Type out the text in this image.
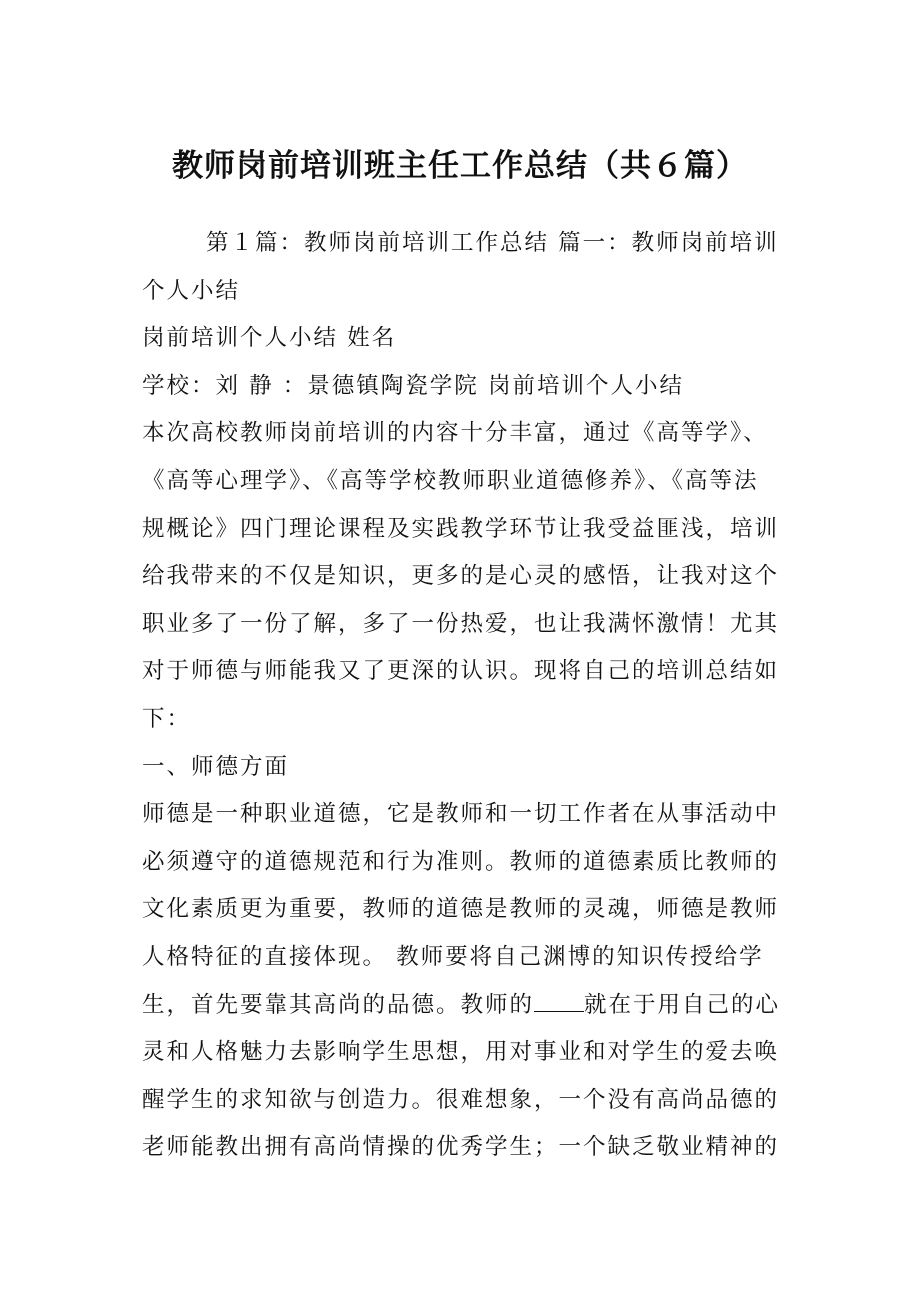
教师岗前培训班主任工作总结（共６篇）

第１篇：教师岗前培训工作总结 篇一：教师岗前培训个人小结

岗前培训个人小结 姓名

学校：刘 静 ：景德镇陶瓷学院 岗前培训个人小结

本次高校教师岗前培训的内容十分丰富，通过《高等学》、《高等心理学》、《高等学校教师职业道德修养》、《高等法规概论》四门理论课程及实践教学环节让我受益匪浅，培训给我带来的不仅是知识，更多的是心灵的感悟，让我对这个职业多了一份了解，多了一份热爱，也让我满怀激情！尤其对于师德与师能我又了更深的认识。现将自己的培训总结如下：

一、师德方面

师德是一种职业道德，它是教师和一切工作者在从事活动中必须遵守的道德规范和行为准则。教师的道德素质比教师的文化素质更为重要，教师的道德是教师的灵魂，师德是教师人格特征的直接体现。 教师要将自己渊博的知识传授给学生，首先要靠其高尚的品德。教师的 就在于用自己的心灵和人格魅力去影响学生思想，用对事业和对学生的爱去唤醒学生的求知欲与创造力。很难想象，一个没有高尚品德的老师能教出拥有高尚情操的优秀学生；一个缺乏敬业精神的
